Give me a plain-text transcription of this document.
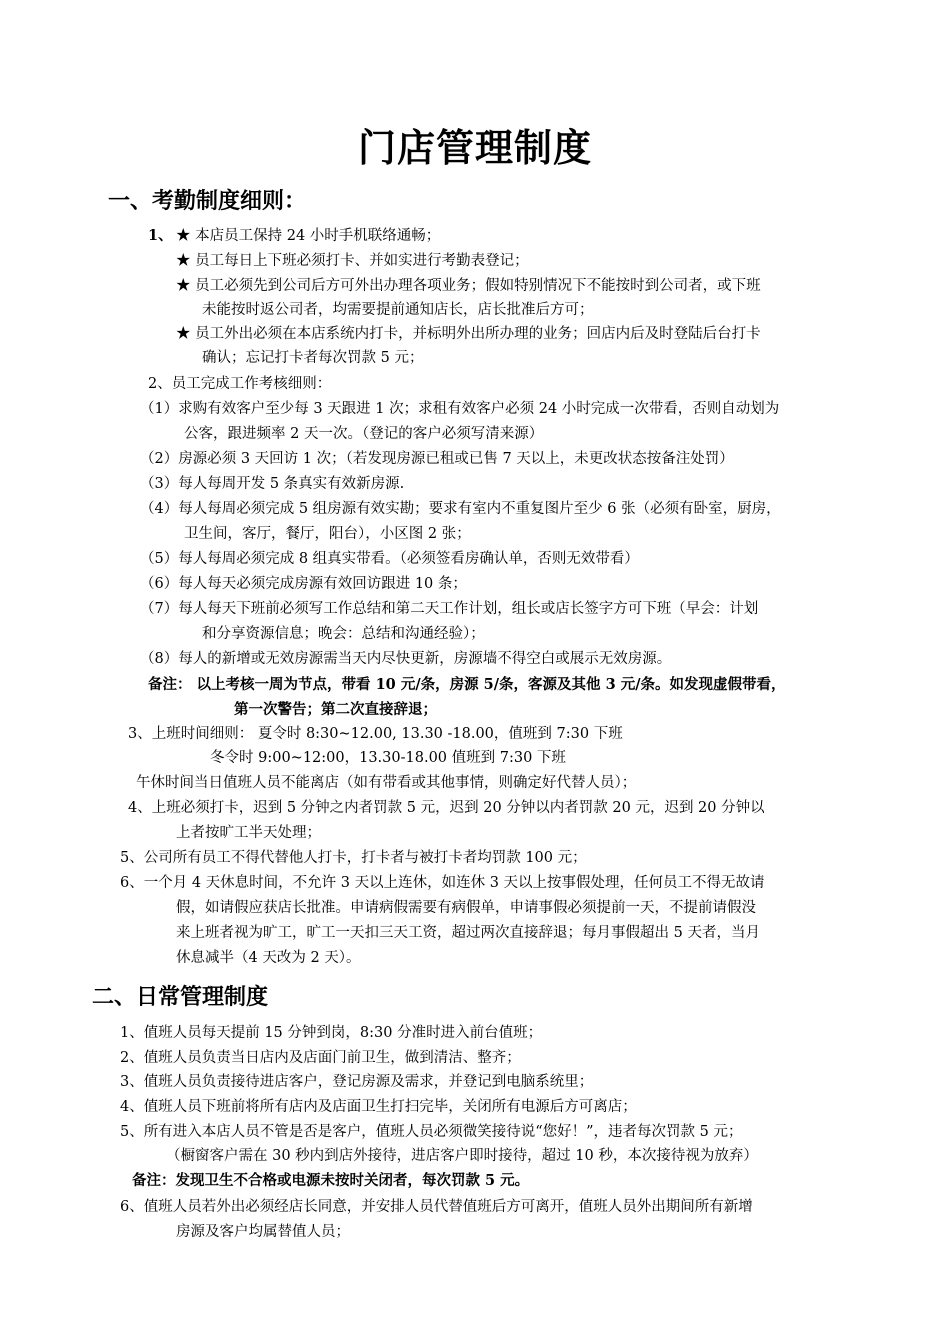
门店管理制度
一、考勤制度细则：
1、 ★ 本店员工保持 24 小时手机联络通畅；
★ 员工每日上下班必须打卡、并如实进行考勤表登记；
★ 员工必须先到公司后方可外出办理各项业务；假如特别情况下不能按时到公司者，或下班
未能按时返公司者，均需要提前通知店长，店长批准后方可；
★ 员工外出必须在本店系统内打卡，并标明外出所办理的业务；回店内后及时登陆后台打卡
确认；忘记打卡者每次罚款 5 元；
2、员工完成工作考核细则：
（1）求购有效客户至少每 3 天跟进 1 次；求租有效客户必须 24 小时完成一次带看，否则自动划为
公客，跟进频率 2 天一次。（登记的客户必须写清来源）
（2）房源必须 3 天回访 1 次；（若发现房源已租或已售 7 天以上，未更改状态按备注处罚）
（3）每人每周开发 5 条真实有效新房源.
（4）每人每周必须完成 5 组房源有效实勘；要求有室内不重复图片至少 6 张（必须有卧室，厨房，
卫生间，客厅，餐厅，阳台），小区图 2 张；
（5）每人每周必须完成 8 组真实带看。（必须签看房确认单，否则无效带看）
（6）每人每天必须完成房源有效回访跟进 10 条；
（7）每人每天下班前必须写工作总结和第二天工作计划，组长或店长签字方可下班（早会：计划
和分享资源信息；晚会：总结和沟通经验）；
（8）每人的新增或无效房源需当天内尽快更新，房源墙不得空白或展示无效房源。
备注： 以上考核一周为节点，带看 10 元/条，房源 5/条，客源及其他 3 元/条。如发现虚假带看，
第一次警告；第二次直接辞退；
3、上班时间细则： 夏令时 8:30~12.00, 13.30 -18.00，值班到 7:30 下班
冬令时 9:00~12:00，13.30-18.00 值班到 7:30 下班
午休时间当日值班人员不能离店（如有带看或其他事情，则确定好代替人员）；
4、上班必须打卡，迟到 5 分钟之内者罚款 5 元，迟到 20 分钟以内者罚款 20 元，迟到 20 分钟以
上者按旷工半天处理；
5、公司所有员工不得代替他人打卡，打卡者与被打卡者均罚款 100 元；
6、一个月 4 天休息时间，不允许 3 天以上连休，如连休 3 天以上按事假处理，任何员工不得无故请
假，如请假应获店长批准。申请病假需要有病假单，申请事假必须提前一天，不提前请假没
来上班者视为旷工，旷工一天扣三天工资，超过两次直接辞退；每月事假超出 5 天者，当月
休息减半（4 天改为 2 天）。
二、日常管理制度
1、值班人员每天提前 15 分钟到岗，8:30 分准时进入前台值班；
2、值班人员负责当日店内及店面门前卫生，做到清洁、整齐；
3、值班人员负责接待进店客户，登记房源及需求，并登记到电脑系统里；
4、值班人员下班前将所有店内及店面卫生打扫完毕，关闭所有电源后方可离店；
5、所有进入本店人员不管是否是客户，值班人员必须微笑接待说“您好！”，违者每次罚款 5 元；
（橱窗客户需在 30 秒内到店外接待，进店客户即时接待，超过 10 秒，本次接待视为放弃）
备注：发现卫生不合格或电源未按时关闭者，每次罚款 5 元。
6、值班人员若外出必须经店长同意，并安排人员代替值班后方可离开，值班人员外出期间所有新增
房源及客户均属替值人员；
